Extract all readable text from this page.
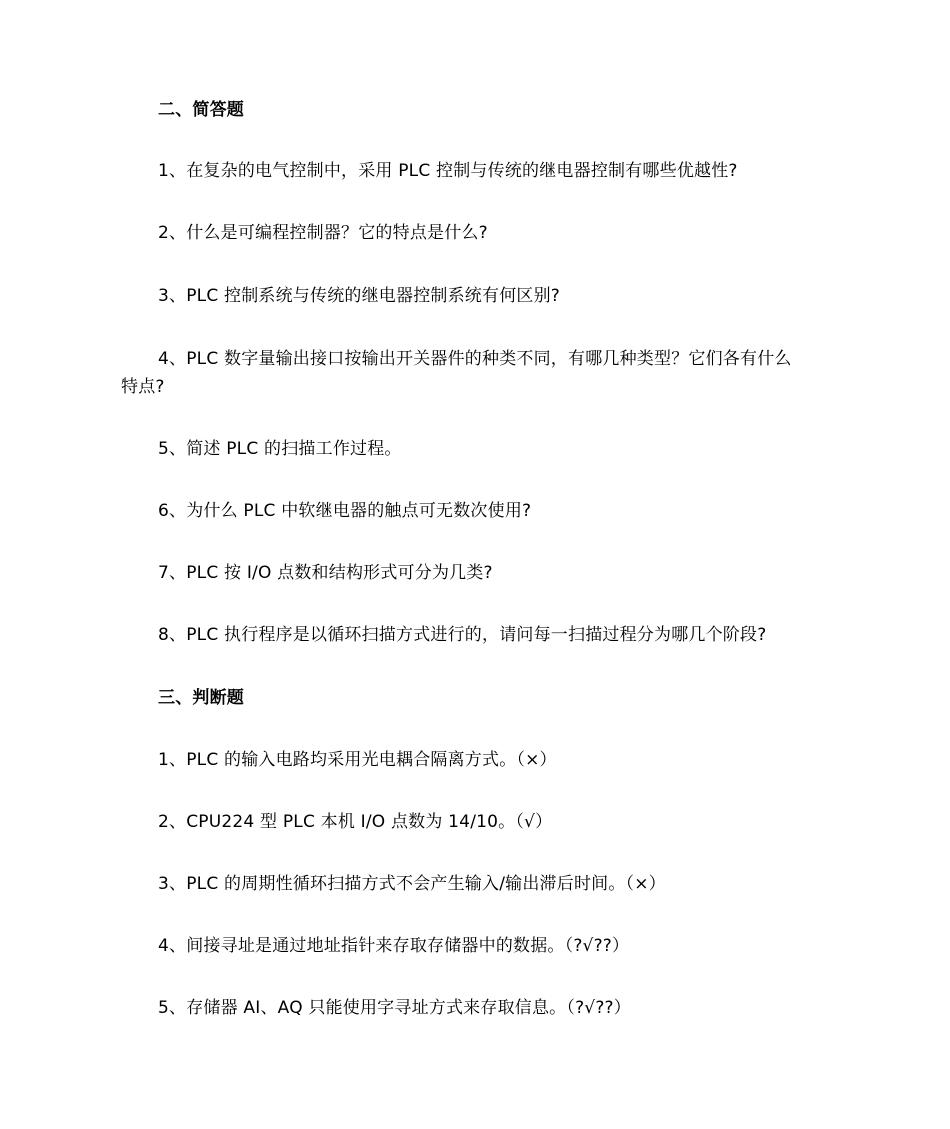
二、简答题
1、在复杂的电气控制中，采用 PLC 控制与传统的继电器控制有哪些优越性?
2、什么是可编程控制器？它的特点是什么?
3、PLC 控制系统与传统的继电器控制系统有何区别?
4、PLC 数字量输出接口按输出开关器件的种类不同，有哪几种类型？它们各有什么
特点?
5、简述 PLC 的扫描工作过程。
6、为什么 PLC 中软继电器的触点可无数次使用?
7、PLC 按 I/O 点数和结构形式可分为几类?
8、PLC 执行程序是以循环扫描方式进行的，请问每一扫描过程分为哪几个阶段?
三、判断题
1、PLC 的输入电路均采用光电耦合隔离方式。（×）
2、CPU224 型 PLC 本机 I/O 点数为 14/10。（√）
3、PLC 的周期性循环扫描方式不会产生输入/输出滞后时间。（×）
4、间接寻址是通过地址指针来存取存储器中的数据。（?√??）
5、存储器 AI、AQ 只能使用字寻址方式来存取信息。（?√??）
